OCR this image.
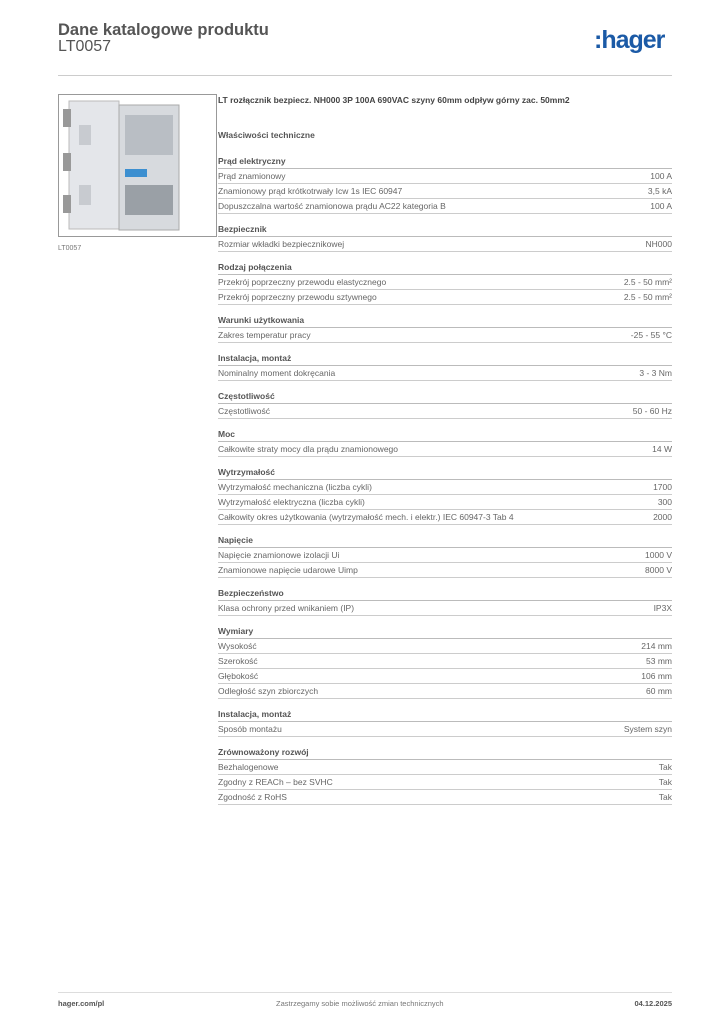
Dane katalogowe produktu
LT0057	:hager
LT0057
LT rozłącznik bezpiecz. NH000 3P 100A 690VAC szyny 60mm odpływ górny zac. 50mm2
Właściwości techniczne
Prąd elektryczny
Prąd znamionowy	100 A
Znamionowy prąd krótkotrwały Icw 1s IEC 60947	3,5 kA
Dopuszczalna wartość znamionowa prądu AC22 kategoria B	100 A
Bezpiecznik
Rozmiar wkładki bezpiecznikowej	NH000
Rodzaj połączenia
Przekrój poprzeczny przewodu elastycznego	2.5 - 50 mm²
Przekrój poprzeczny przewodu sztywnego	2.5 - 50 mm²
Warunki użytkowania
Zakres temperatur pracy	-25 - 55 °C
Instalacja, montaż
Nominalny moment dokręcania	3 - 3 Nm
Częstotliwość
Częstotliwość	50 - 60 Hz
Moc
Całkowite straty mocy dla prądu znamionowego	14 W
Wytrzymałość
Wytrzymałość mechaniczna (liczba cykli)	1700
Wytrzymałość elektryczna (liczba cykli)	300
Całkowity okres użytkowania (wytrzymałość mech. i elektr.) IEC 60947-3 Tab 4	2000
Napięcie
Napięcie znamionowe izolacji Ui	1000 V
Znamionowe napięcie udarowe Uimp	8000 V
Bezpieczeństwo
Klasa ochrony przed wnikaniem (IP)	IP3X
Wymiary
Wysokość	214 mm
Szerokość	53 mm
Głębokość	106 mm
Odległość szyn zbiorczych	60 mm
Instalacja, montaż
Sposób montażu	System szyn
Zrównoważony rozwój
Bezhalogenowe	Tak
Zgodny z REACh – bez SVHC	Tak
Zgodność z RoHS	Tak
hager.com/pl	Zastrzegamy sobie możliwość zmian technicznych	04.12.2025
